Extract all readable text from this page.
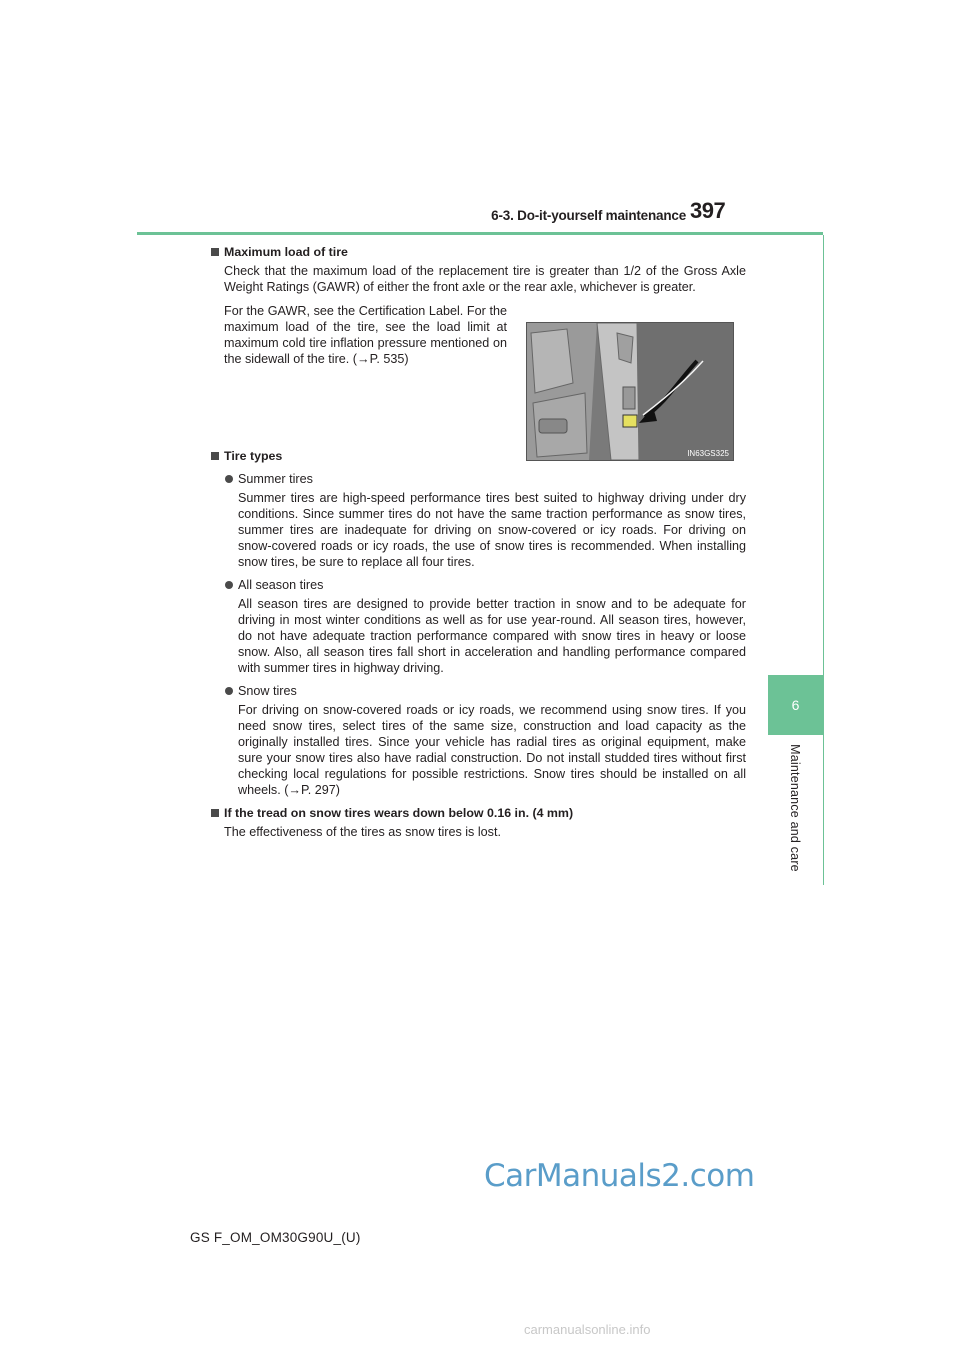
6-3. Do-it-yourself maintenance 397
6
Maintenance and care

Maximum load of tire

Check that the maximum load of the replacement tire is greater than 1/2 of the Gross Axle Weight Ratings (GAWR) of either the front axle or the rear axle, whichever is greater.

For the GAWR, see the Certification Label. For the maximum load of the tire, see the load limit at maximum cold tire inflation pressure mentioned on the sidewall of the tire. (→P. 535)

Tire types

Summer tires

Summer tires are high-speed performance tires best suited to highway driving under dry conditions. Since summer tires do not have the same traction performance as snow tires, summer tires are inadequate for driving on snow-covered or icy roads. For driving on snow-covered roads or icy roads, the use of snow tires is recommended. When installing snow tires, be sure to replace all four tires.

All season tires

All season tires are designed to provide better traction in snow and to be adequate for driving in most winter conditions as well as for use year-round. All season tires, however, do not have adequate traction performance compared with snow tires in heavy or loose snow. Also, all season tires fall short in acceleration and handling performance compared with summer tires in highway driving.

Snow tires

For driving on snow-covered roads or icy roads, we recommend using snow tires. If you need snow tires, select tires of the same size, construction and load capacity as the originally installed tires. Since your vehicle has radial tires as original equipment, make sure your snow tires also have radial construction. Do not install studded tires without first checking local regulations for possible restrictions. Snow tires should be installed on all wheels. (→P. 297)

If the tread on snow tires wears down below 0.16 in. (4 mm)

The effectiveness of the tires as snow tires is lost.

IN63GS325
GS F_OM_OM30G90U_(U)
CarManuals2.com
carmanualsonline.info
